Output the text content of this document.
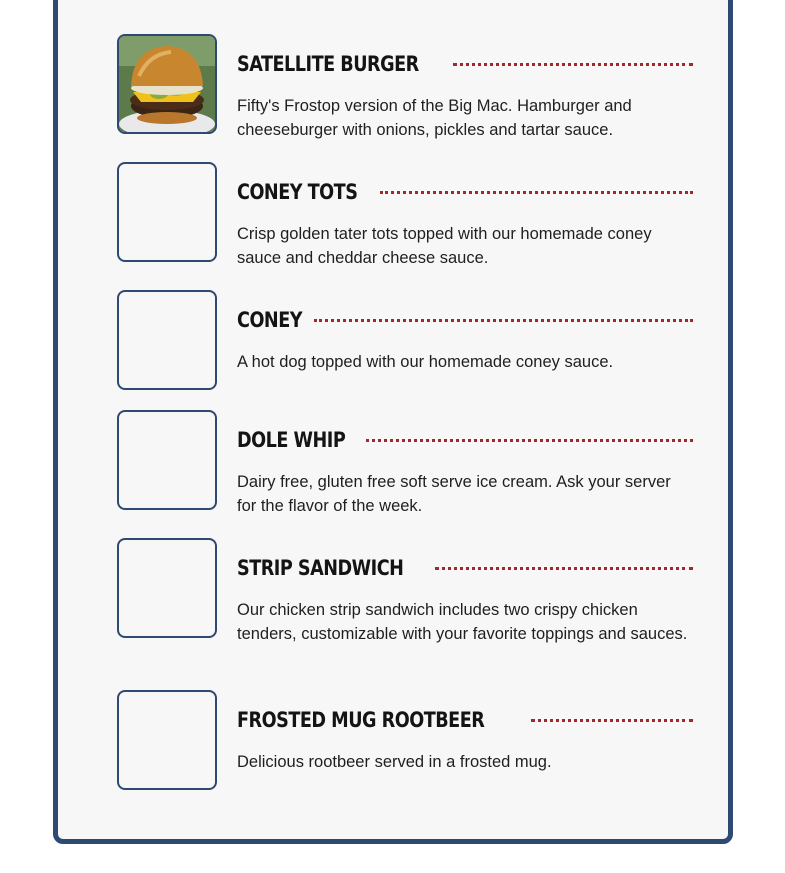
SATELLITE BURGER
Fifty's Frostop version of the Big Mac. Hamburger and cheeseburger with onions, pickles and tartar sauce.
CONEY TOTS
Crisp golden tater tots topped with our homemade coney sauce and cheddar cheese sauce.
CONEY
A hot dog topped with our homemade coney sauce.
DOLE WHIP
Dairy free, gluten free soft serve ice cream. Ask your server for the flavor of the week.
STRIP SANDWICH
Our chicken strip sandwich includes two crispy chicken tenders, customizable with your favorite toppings and sauces.
FROSTED MUG ROOTBEER
Delicious rootbeer served in a frosted mug.
